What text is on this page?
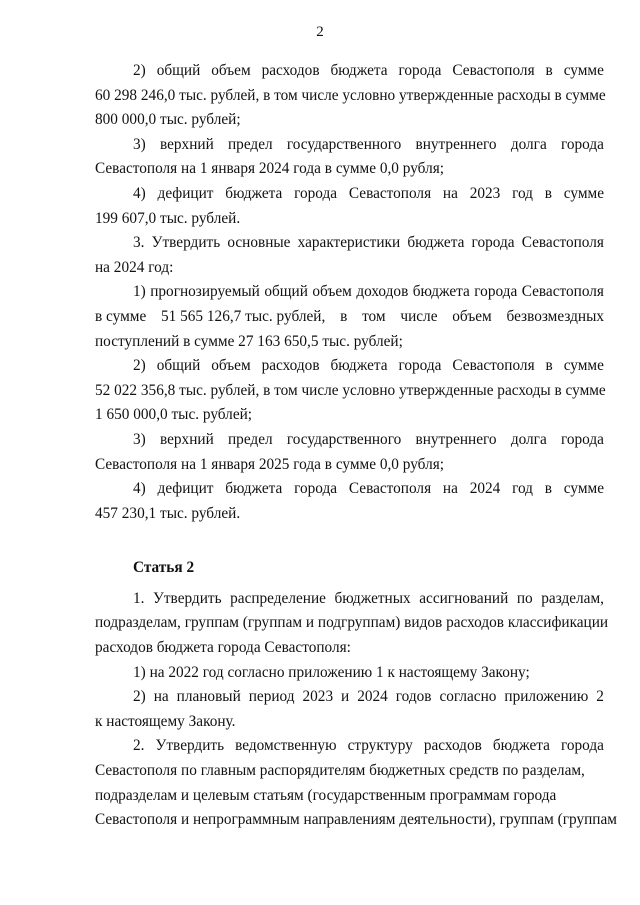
2
2) общий объем расходов бюджета города Севастополя в сумме
60 298 246,0 тыс. рублей, в том числе условно утвержденные расходы в сумме
800 000,0 тыс. рублей;
3) верхний предел государственного внутреннего долга города
Севастополя на 1 января 2024 года в сумме 0,0 рубля;
4) дефицит бюджета города Севастополя на 2023 год в сумме
199 607,0 тыс. рублей.
3. Утвердить основные характеристики бюджета города Севастополя
на 2024 год:
1) прогнозируемый общий объем доходов бюджета города Севастополя
в сумме 51 565 126,7 тыс. рублей, в том числе объем безвозмездных
поступлений в сумме 27 163 650,5 тыс. рублей;
2) общий объем расходов бюджета города Севастополя в сумме
52 022 356,8 тыс. рублей, в том числе условно утвержденные расходы в сумме
1 650 000,0 тыс. рублей;
3) верхний предел государственного внутреннего долга города
Севастополя на 1 января 2025 года в сумме 0,0 рубля;
4) дефицит бюджета города Севастополя на 2024 год в сумме
457 230,1 тыс. рублей.
Статья 2
1. Утвердить распределение бюджетных ассигнований по разделам,
подразделам, группам (группам и подгруппам) видов расходов классификации
расходов бюджета города Севастополя:
1) на 2022 год согласно приложению 1 к настоящему Закону;
2) на плановый период 2023 и 2024 годов согласно приложению 2
к настоящему Закону.
2. Утвердить ведомственную структуру расходов бюджета города
Севастополя по главным распорядителям бюджетных средств по разделам,
подразделам и целевым статьям (государственным программам города
Севастополя и непрограммным направлениям деятельности), группам (группам
